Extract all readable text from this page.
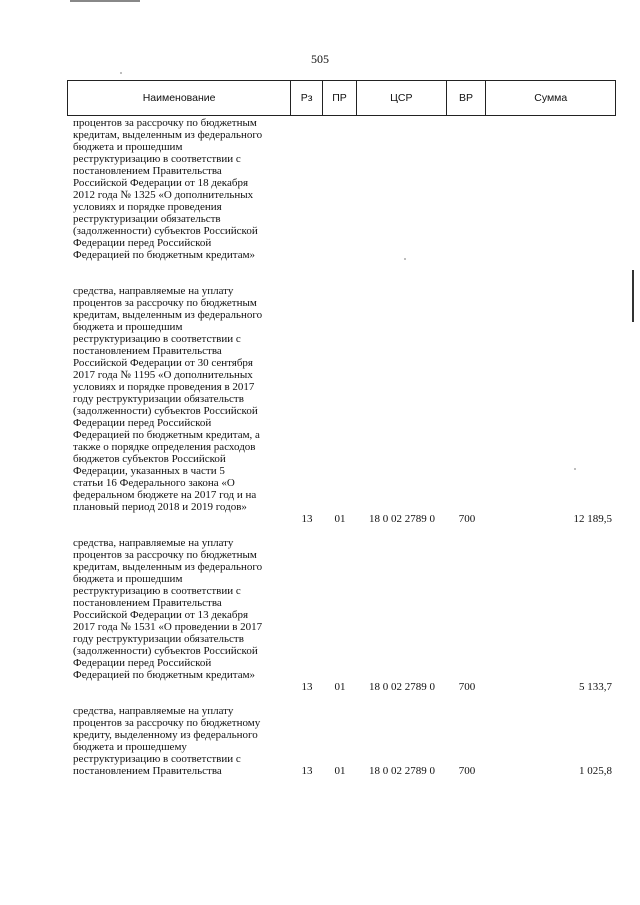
505
Наименование	Рз	ПР	ЦСР	ВР	Сумма
процентов за рассрочку по бюджетным
кредитам, выделенным из федерального
бюджета и прошедшим
реструктуризацию в соответствии с
постановлением Правительства
Российской Федерации от 18 декабря
2012 года № 1325 «О дополнительных
условиях и порядке проведения
реструктуризации обязательств
(задолженности) субъектов Российской
Федерации перед Российской
Федерацией по бюджетным кредитам»
средства, направляемые на уплату
процентов за рассрочку по бюджетным
кредитам, выделенным из федерального
бюджета и прошедшим
реструктуризацию в соответствии с
постановлением Правительства
Российской Федерации от 30 сентября
2017 года № 1195 «О дополнительных
условиях и порядке проведения в 2017
году реструктуризации обязательств
(задолженности) субъектов Российской
Федерации перед Российской
Федерацией по бюджетным кредитам, а
также о порядке определения расходов
бюджетов субъектов Российской
Федерации, указанных в части 5
статьи 16 Федерального закона «О
федеральном бюджете на 2017 год и на
плановый период 2018 и 2019 годов»
13	01	18 0 02 2789 0	700	12 189,5
средства, направляемые на уплату
процентов за рассрочку по бюджетным
кредитам, выделенным из федерального
бюджета и прошедшим
реструктуризацию в соответствии с
постановлением Правительства
Российской Федерации от 13 декабря
2017 года № 1531 «О проведении в 2017
году реструктуризации обязательств
(задолженности) субъектов Российской
Федерации перед Российской
Федерацией по бюджетным кредитам»
13	01	18 0 02 2789 0	700	5 133,7
средства, направляемые на уплату
процентов за рассрочку по бюджетному
кредиту, выделенному из федерального
бюджета и прошедшему
реструктуризацию в соответствии с
постановлением Правительства	13	01	18 0 02 2789 0	700	1 025,8
